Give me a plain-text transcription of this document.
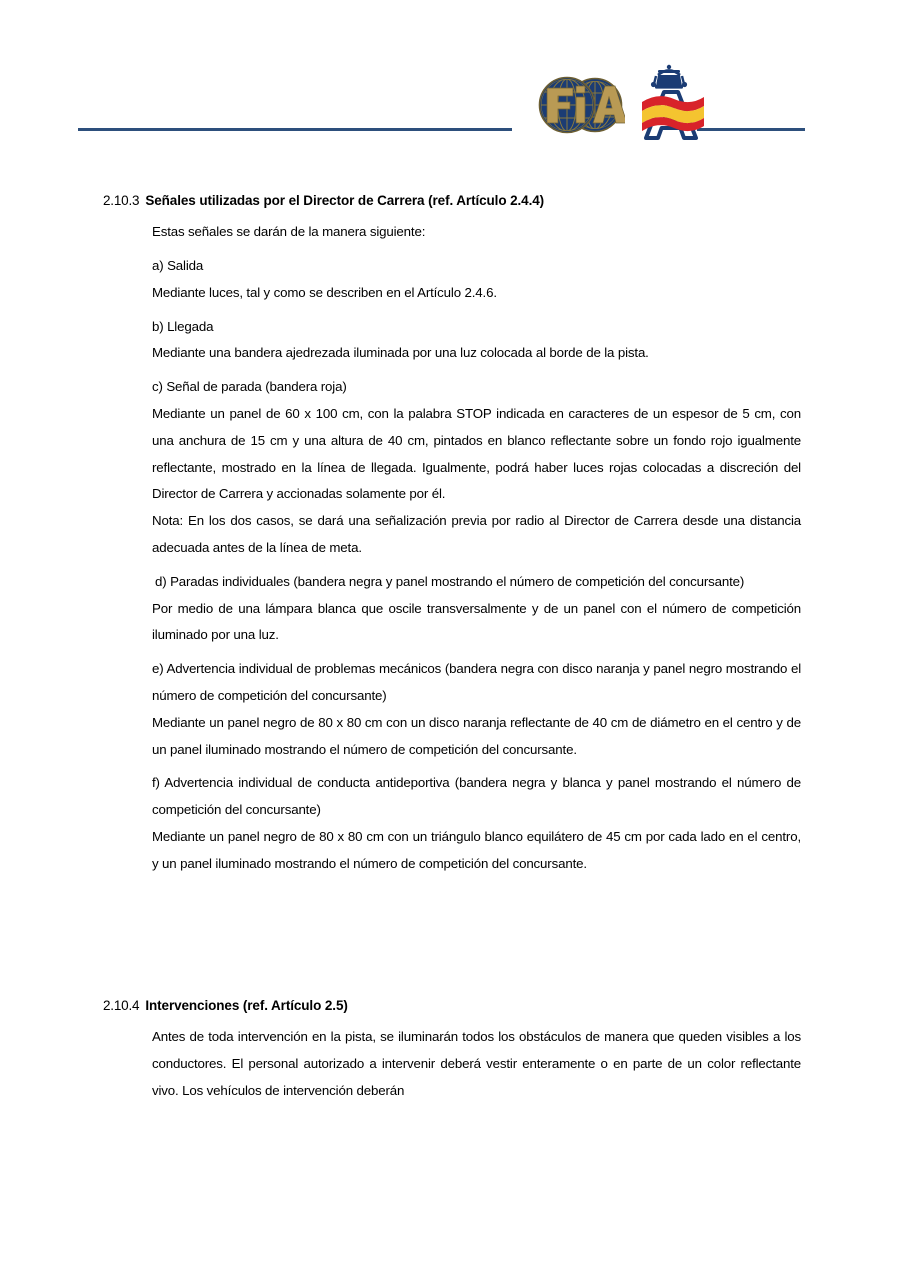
2.10.3 Señales utilizadas por el Director de Carrera (ref. Artículo 2.4.4)

Estas señales se darán de la manera siguiente:

a) Salida

Mediante luces, tal y como se describen en el Artículo 2.4.6.

b) Llegada

Mediante una bandera ajedrezada iluminada por una luz colocada al borde de la pista.

c) Señal de parada (bandera roja)

Mediante un panel de 60 x 100 cm, con la palabra STOP indicada en caracteres de un espesor de 5 cm, con una anchura de 15 cm y una altura de 40 cm, pintados en blanco reflectante sobre un fondo rojo igualmente reflectante, mostrado en la línea de llegada. Igualmente, podrá haber luces rojas colocadas a discreción del Director de Carrera y accionadas solamente por él.

Nota: En los dos casos, se dará una señalización previa por radio al Director de Carrera desde una distancia adecuada antes de la línea de meta.

d) Paradas individuales (bandera negra y panel mostrando el número de competición del concursante)

Por medio de una lámpara blanca que oscile transversalmente y de un panel con el número de competición iluminado por una luz.

e) Advertencia individual de problemas mecánicos (bandera negra con disco naranja y panel negro mostrando el número de competición del concursante)

Mediante un panel negro de 80 x 80 cm con un disco naranja reflectante de 40 cm de diámetro en el centro y de un panel iluminado mostrando el número de competición del concursante.

f) Advertencia individual de conducta antideportiva (bandera negra y blanca y panel mostrando el número de competición del concursante)

Mediante un panel negro de 80 x 80 cm con un triángulo blanco equilátero de 45 cm por cada lado en el centro, y un panel iluminado mostrando el número de competición del concursante.

2.10.4 Intervenciones (ref. Artículo 2.5)

Antes de toda intervención en la pista, se iluminarán todos los obstáculos de manera que queden visibles a los conductores. El personal autorizado a intervenir deberá vestir enteramente o en parte de un color reflectante vivo. Los vehículos de intervención deberán
